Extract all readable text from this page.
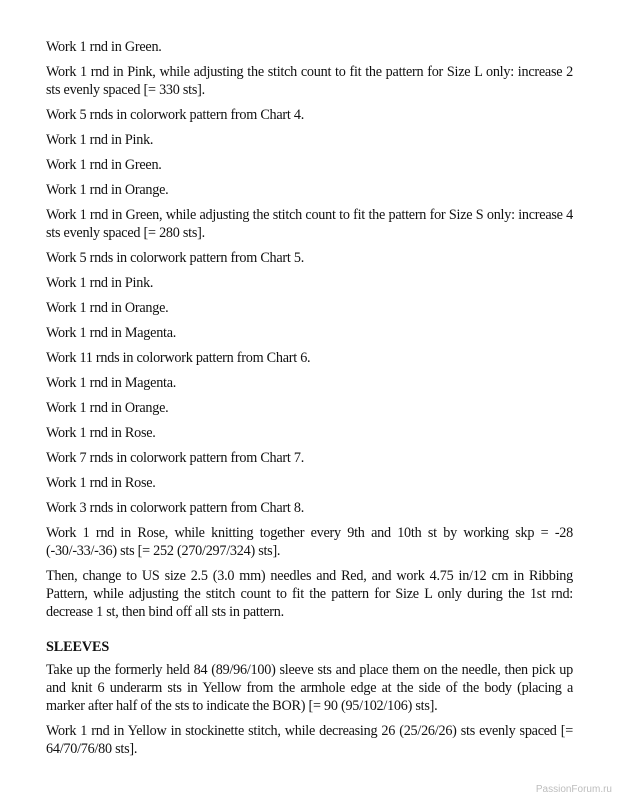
Work 1 rnd in Green.

Work 1 rnd in Pink, while adjusting the stitch count to fit the pattern for Size L only: increase 2 sts evenly spaced [= 330 sts].

Work 5 rnds in colorwork pattern from Chart 4.

Work 1 rnd in Pink.

Work 1 rnd in Green.

Work 1 rnd in Orange.

Work 1 rnd in Green, while adjusting the stitch count to fit the pattern for Size S only: increase 4 sts evenly spaced [= 280 sts].

Work 5 rnds in colorwork pattern from Chart 5.

Work 1 rnd in Pink.

Work 1 rnd in Orange.

Work 1 rnd in Magenta.

Work 11 rnds in colorwork pattern from Chart 6.

Work 1 rnd in Magenta.

Work 1 rnd in Orange.

Work 1 rnd in Rose.

Work 7 rnds in colorwork pattern from Chart 7.

Work 1 rnd in Rose.

Work 3 rnds in colorwork pattern from Chart 8.

Work 1 rnd in Rose, while knitting together every 9th and 10th st by working skp = -28 (-30/-33/-36) sts [= 252 (270/297/324) sts].

Then, change to US size 2.5 (3.0 mm) needles and Red, and work 4.75 in/12 cm in Ribbing Pattern, while adjusting the stitch count to fit the pattern for Size L only during the 1st rnd: decrease 1 st, then bind off all sts in pattern.

SLEEVES

Take up the formerly held 84 (89/96/100) sleeve sts and place them on the needle, then pick up and knit 6 underarm sts in Yellow from the armhole edge at the side of the body (placing a marker after half of the sts to indicate the BOR) [= 90 (95/102/106) sts].

Work 1 rnd in Yellow in stockinette stitch, while decreasing 26 (25/26/26) sts evenly spaced [= 64/70/76/80 sts].

PassionForum.ru
